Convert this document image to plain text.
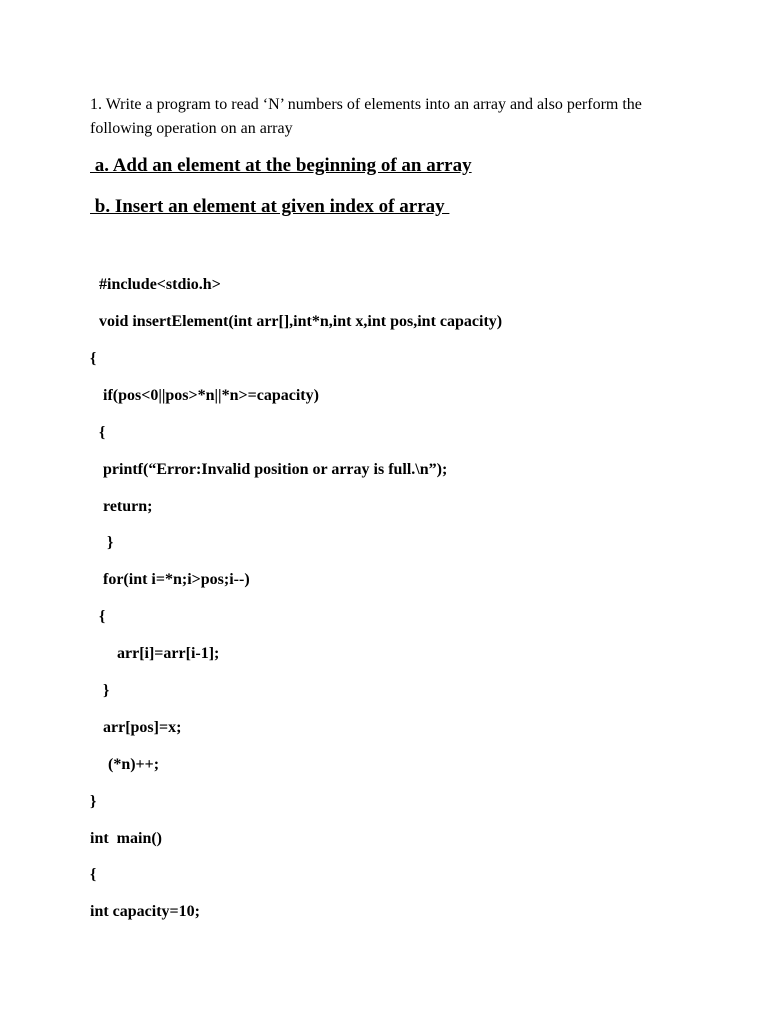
1. Write a program to read ‘N’ numbers of elements into an array and also perform the following operation on an array
a. Add an element at the beginning of an array
b. Insert an element at given index of array
#include<stdio.h>
void insertElement(int arr[],int*n,int x,int pos,int capacity)
{
if(pos<0||pos>*n||*n>=capacity)
{
printf(“Error:Invalid position or array is full.\n”);
return;
}
for(int i=*n;i>pos;i--)
{
arr[i]=arr[i-1];
}
arr[pos]=x;
(*n)++;
}
int  main()
{
int capacity=10;
